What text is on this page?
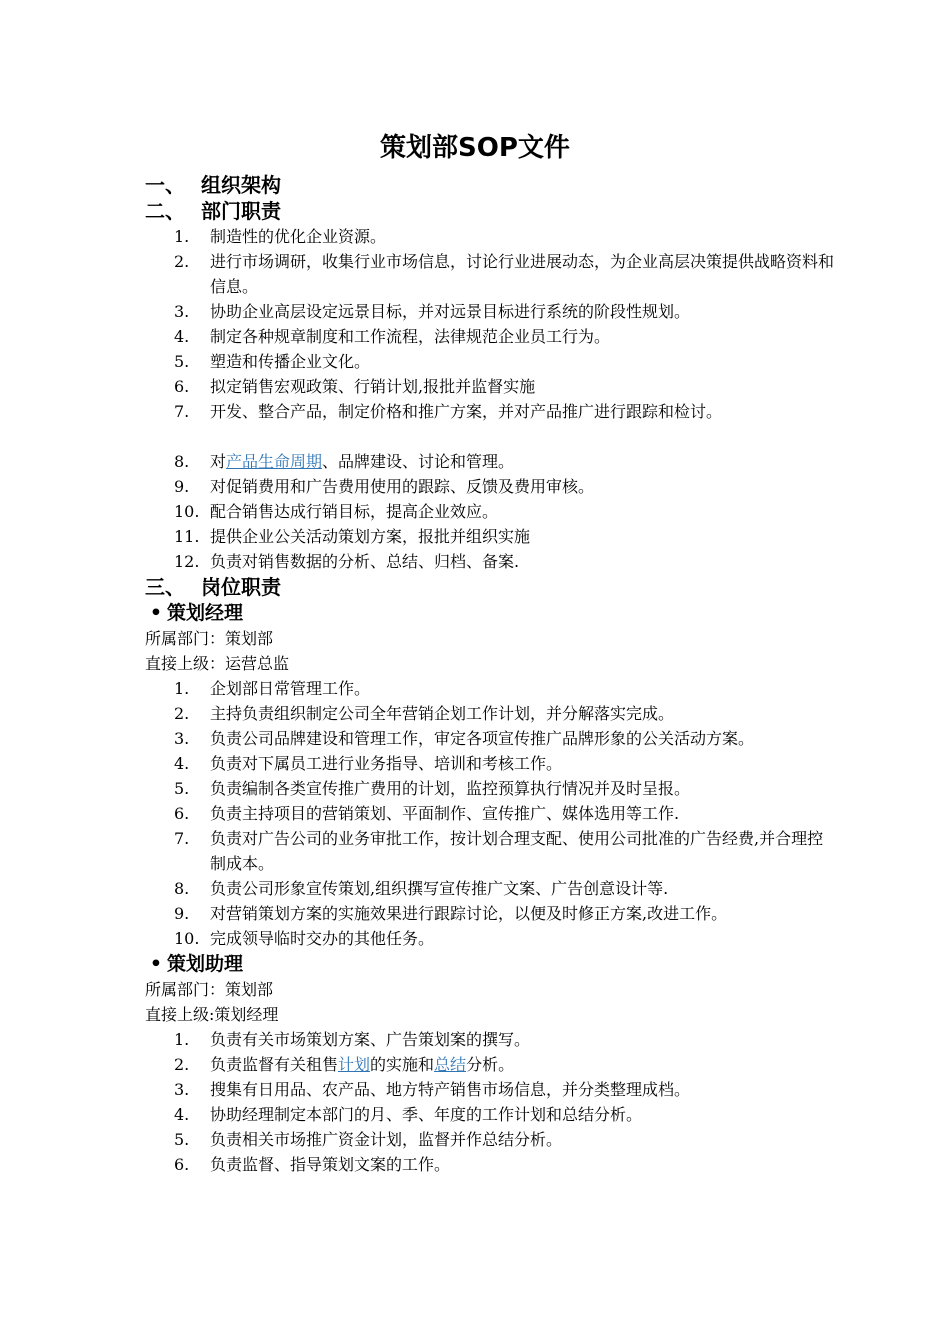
策划部SOP文件
一、 组织架构
二、 部门职责
1.	制造性的优化企业资源。
2.	进行市场调研，收集行业市场信息，讨论行业进展动态，为企业高层决策提供战略资料和信息。
3.	协助企业高层设定远景目标，并对远景目标进行系统的阶段性规划。
4.	制定各种规章制度和工作流程，法律规范企业员工行为。
5.	塑造和传播企业文化。
6.	拟定销售宏观政策、行销计划,报批并监督实施
7.	开发、整合产品，制定价格和推广方案，并对产品推广进行跟踪和检讨。
8.	对产品生命周期、品牌建设、讨论和管理。
9.	对促销费用和广告费用使用的跟踪、反馈及费用审核。
10. 配合销售达成行销目标，提高企业效应。
11. 提供企业公关活动策划方案，报批并组织实施
12. 负责对销售数据的分析、总结、归档、备案.
三、 岗位职责
• 策划经理
所属部门：策划部
直接上级：运营总监
1.	企划部日常管理工作。
2.	主持负责组织制定公司全年营销企划工作计划，并分解落实完成。
3.	负责公司品牌建设和管理工作，审定各项宣传推广品牌形象的公关活动方案。
4.	负责对下属员工进行业务指导、培训和考核工作。
5.	负责编制各类宣传推广费用的计划，监控预算执行情况并及时呈报。
6.	负责主持项目的营销策划、平面制作、宣传推广、媒体选用等工作.
7.	负责对广告公司的业务审批工作，按计划合理支配、使用公司批准的广告经费,并合理控制成本。
8.	负责公司形象宣传策划,组织撰写宣传推广文案、广告创意设计等.
9.	对营销策划方案的实施效果进行跟踪讨论，以便及时修正方案,改进工作。
10. 完成领导临时交办的其他任务。
• 策划助理
所属部门：策划部
直接上级:策划经理
1.	负责有关市场策划方案、广告策划案的撰写。
2.	负责监督有关租售计划的实施和总结分析。
3.	搜集有日用品、农产品、地方特产销售市场信息，并分类整理成档。
4.	协助经理制定本部门的月、季、年度的工作计划和总结分析。
5.	负责相关市场推广资金计划，监督并作总结分析。
6.	负责监督、指导策划文案的工作。
